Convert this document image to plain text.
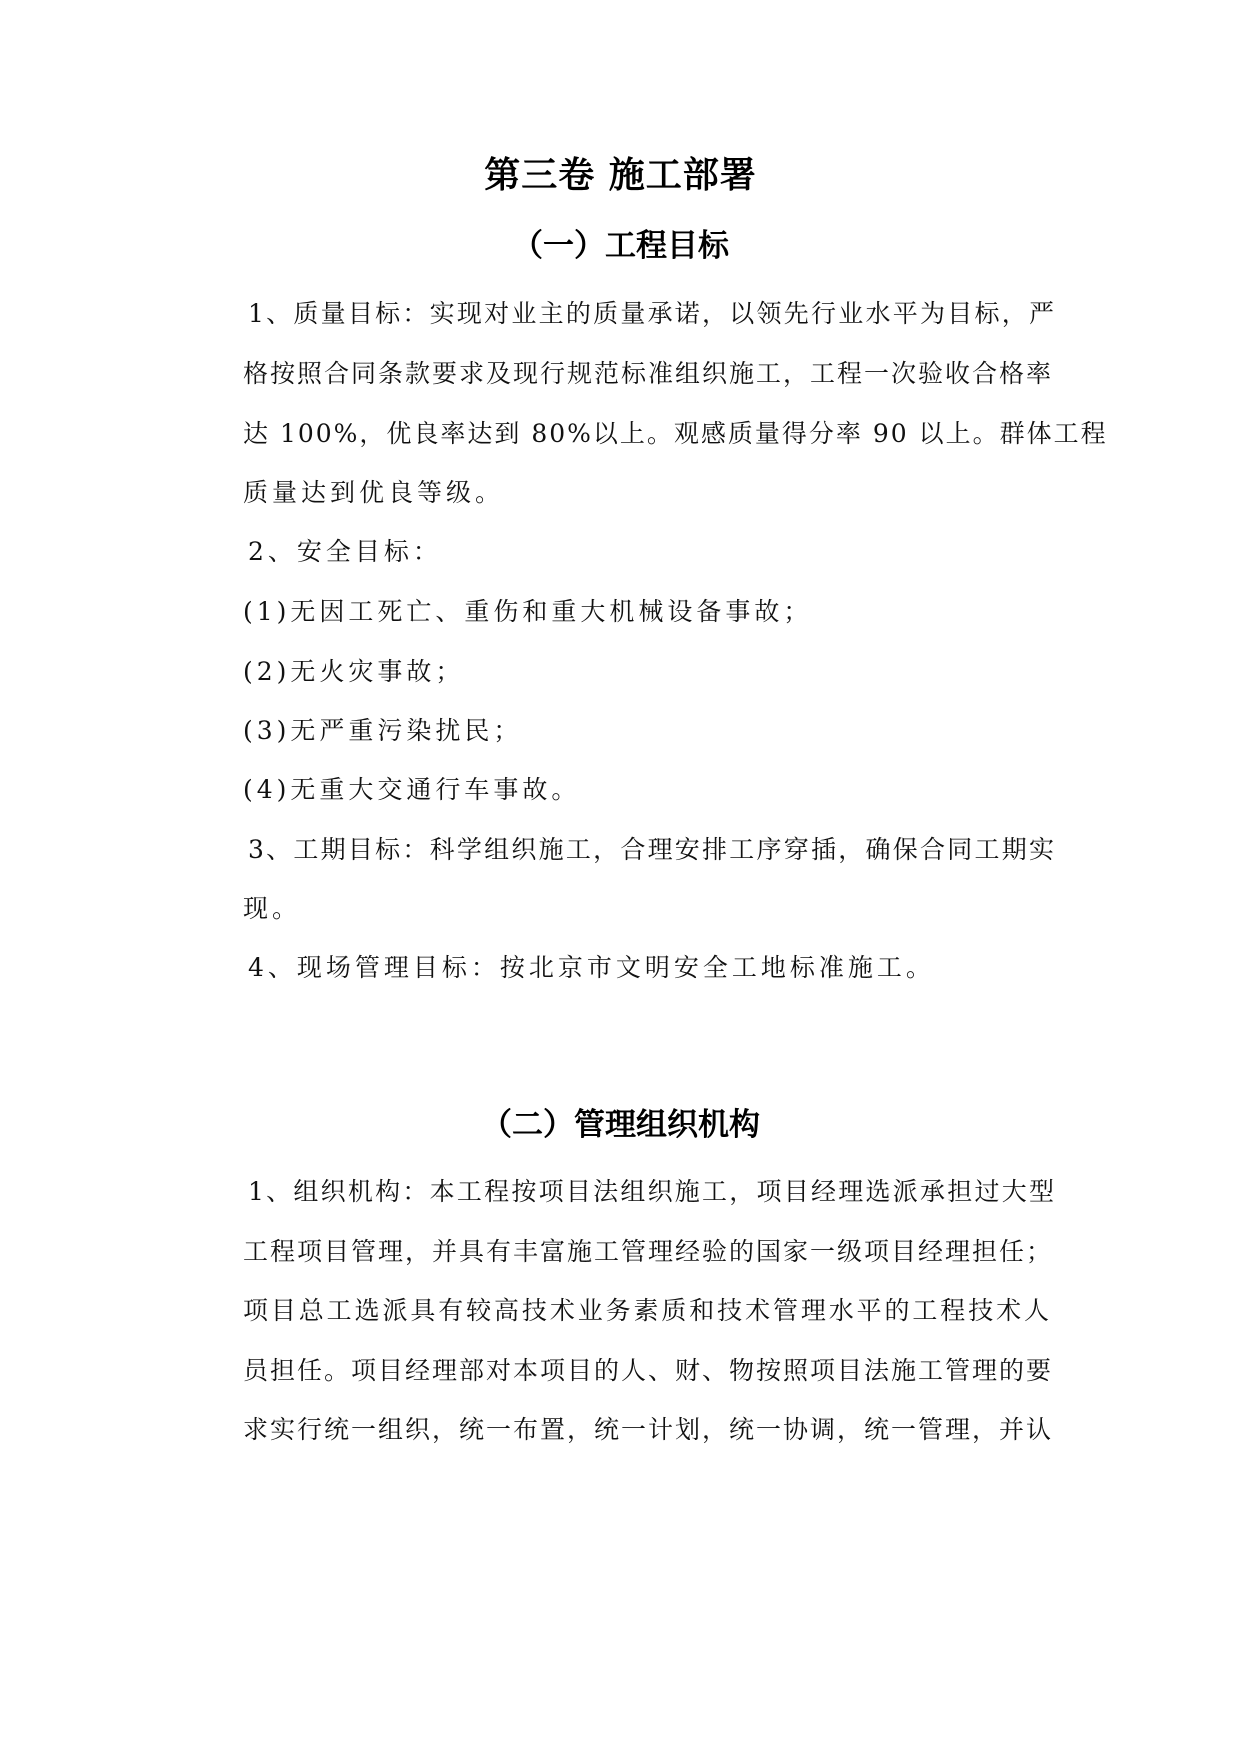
第三卷 施工部署
（一）工程目标
1、质量目标：实现对业主的质量承诺，以领先行业水平为目标，严
格按照合同条款要求及现行规范标准组织施工，工程一次验收合格率
达 100%，优良率达到 80%以上。观感质量得分率 90 以上。群体工程
质量达到优良等级。
2、安全目标：
(1)无因工死亡、重伤和重大机械设备事故；
(2)无火灾事故；
(3)无严重污染扰民；
(4)无重大交通行车事故。
3、工期目标：科学组织施工，合理安排工序穿插，确保合同工期实
现。
4、现场管理目标：按北京市文明安全工地标准施工。
（二）管理组织机构
1、组织机构：本工程按项目法组织施工，项目经理选派承担过大型
工程项目管理，并具有丰富施工管理经验的国家一级项目经理担任；
项目总工选派具有较高技术业务素质和技术管理水平的工程技术人
员担任。项目经理部对本项目的人、财、物按照项目法施工管理的要
求实行统一组织，统一布置，统一计划，统一协调，统一管理，并认
